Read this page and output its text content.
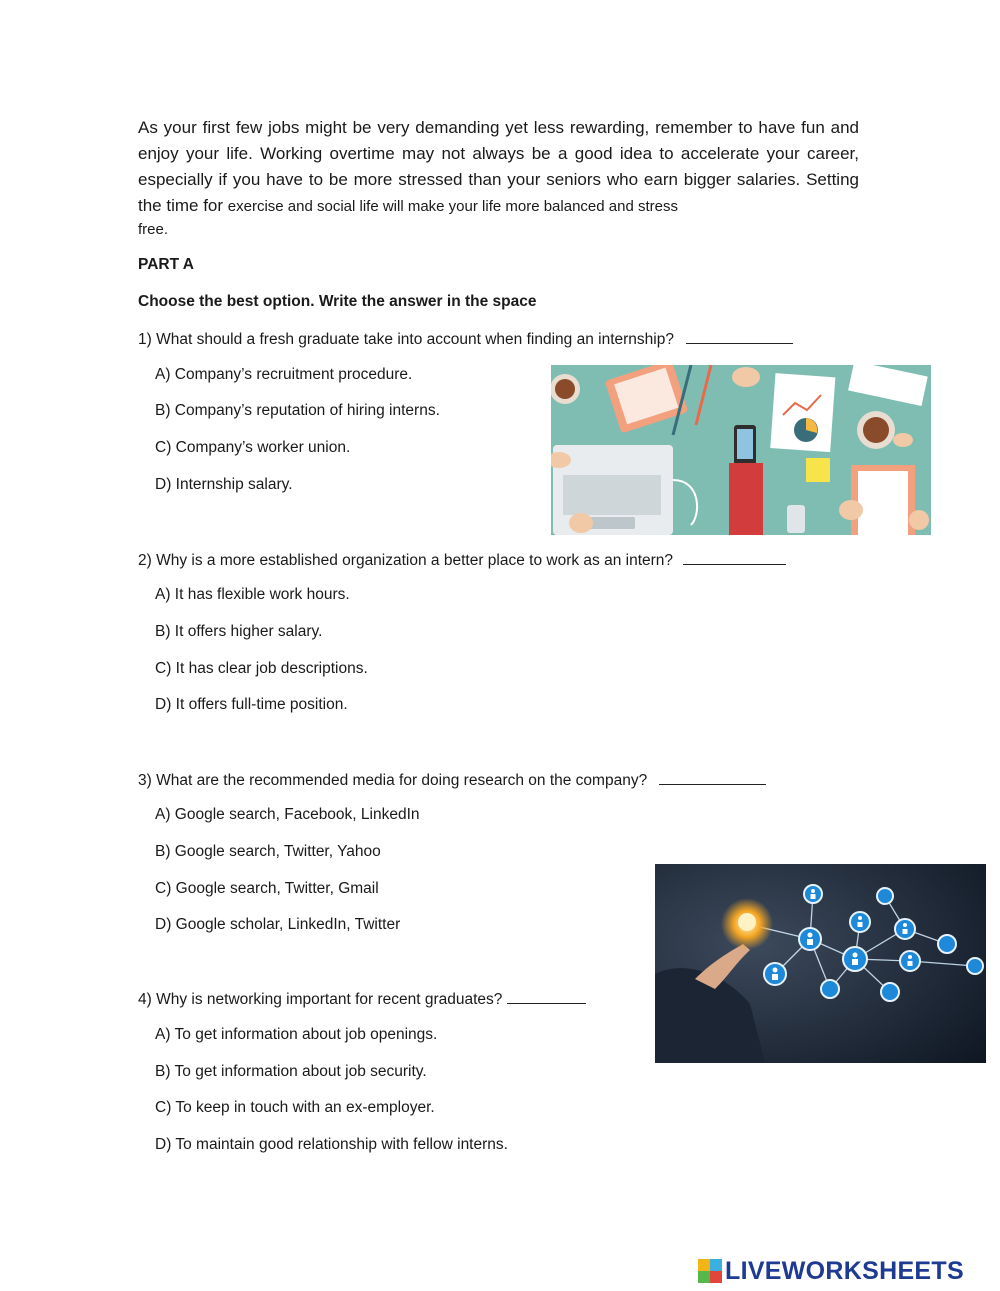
As your first few jobs might be very demanding yet less rewarding, remember to have fun and enjoy your life. Working overtime may not always be a good idea to accelerate your career, especially if you have to be more stressed than your seniors who earn bigger salaries. Setting the time for exercise and social life will make your life more balanced and stress
free.

PART A
Choose the best option. Write the answer in the space
1) What should a fresh graduate take into account when finding an internship?
A) Company’s recruitment procedure.
B) Company’s reputation of hiring interns.
C) Company’s worker union.
D) Internship salary.
2) Why is a more established organization a better place to work as an intern?
A) It has flexible work hours.
B) It offers higher salary.
C) It has clear job descriptions.
D) It offers full-time position.
3) What are the recommended media for doing research on the company?
A) Google search, Facebook, LinkedIn
B) Google search, Twitter, Yahoo
C) Google search, Twitter, Gmail
D) Google scholar, LinkedIn, Twitter
4) Why is networking important for recent graduates?
A) To get information about job openings.
B) To get information about job security.
C) To keep in touch with an ex-employer.
D) To maintain good relationship with fellow interns.
LIVEWORKSHEETS
